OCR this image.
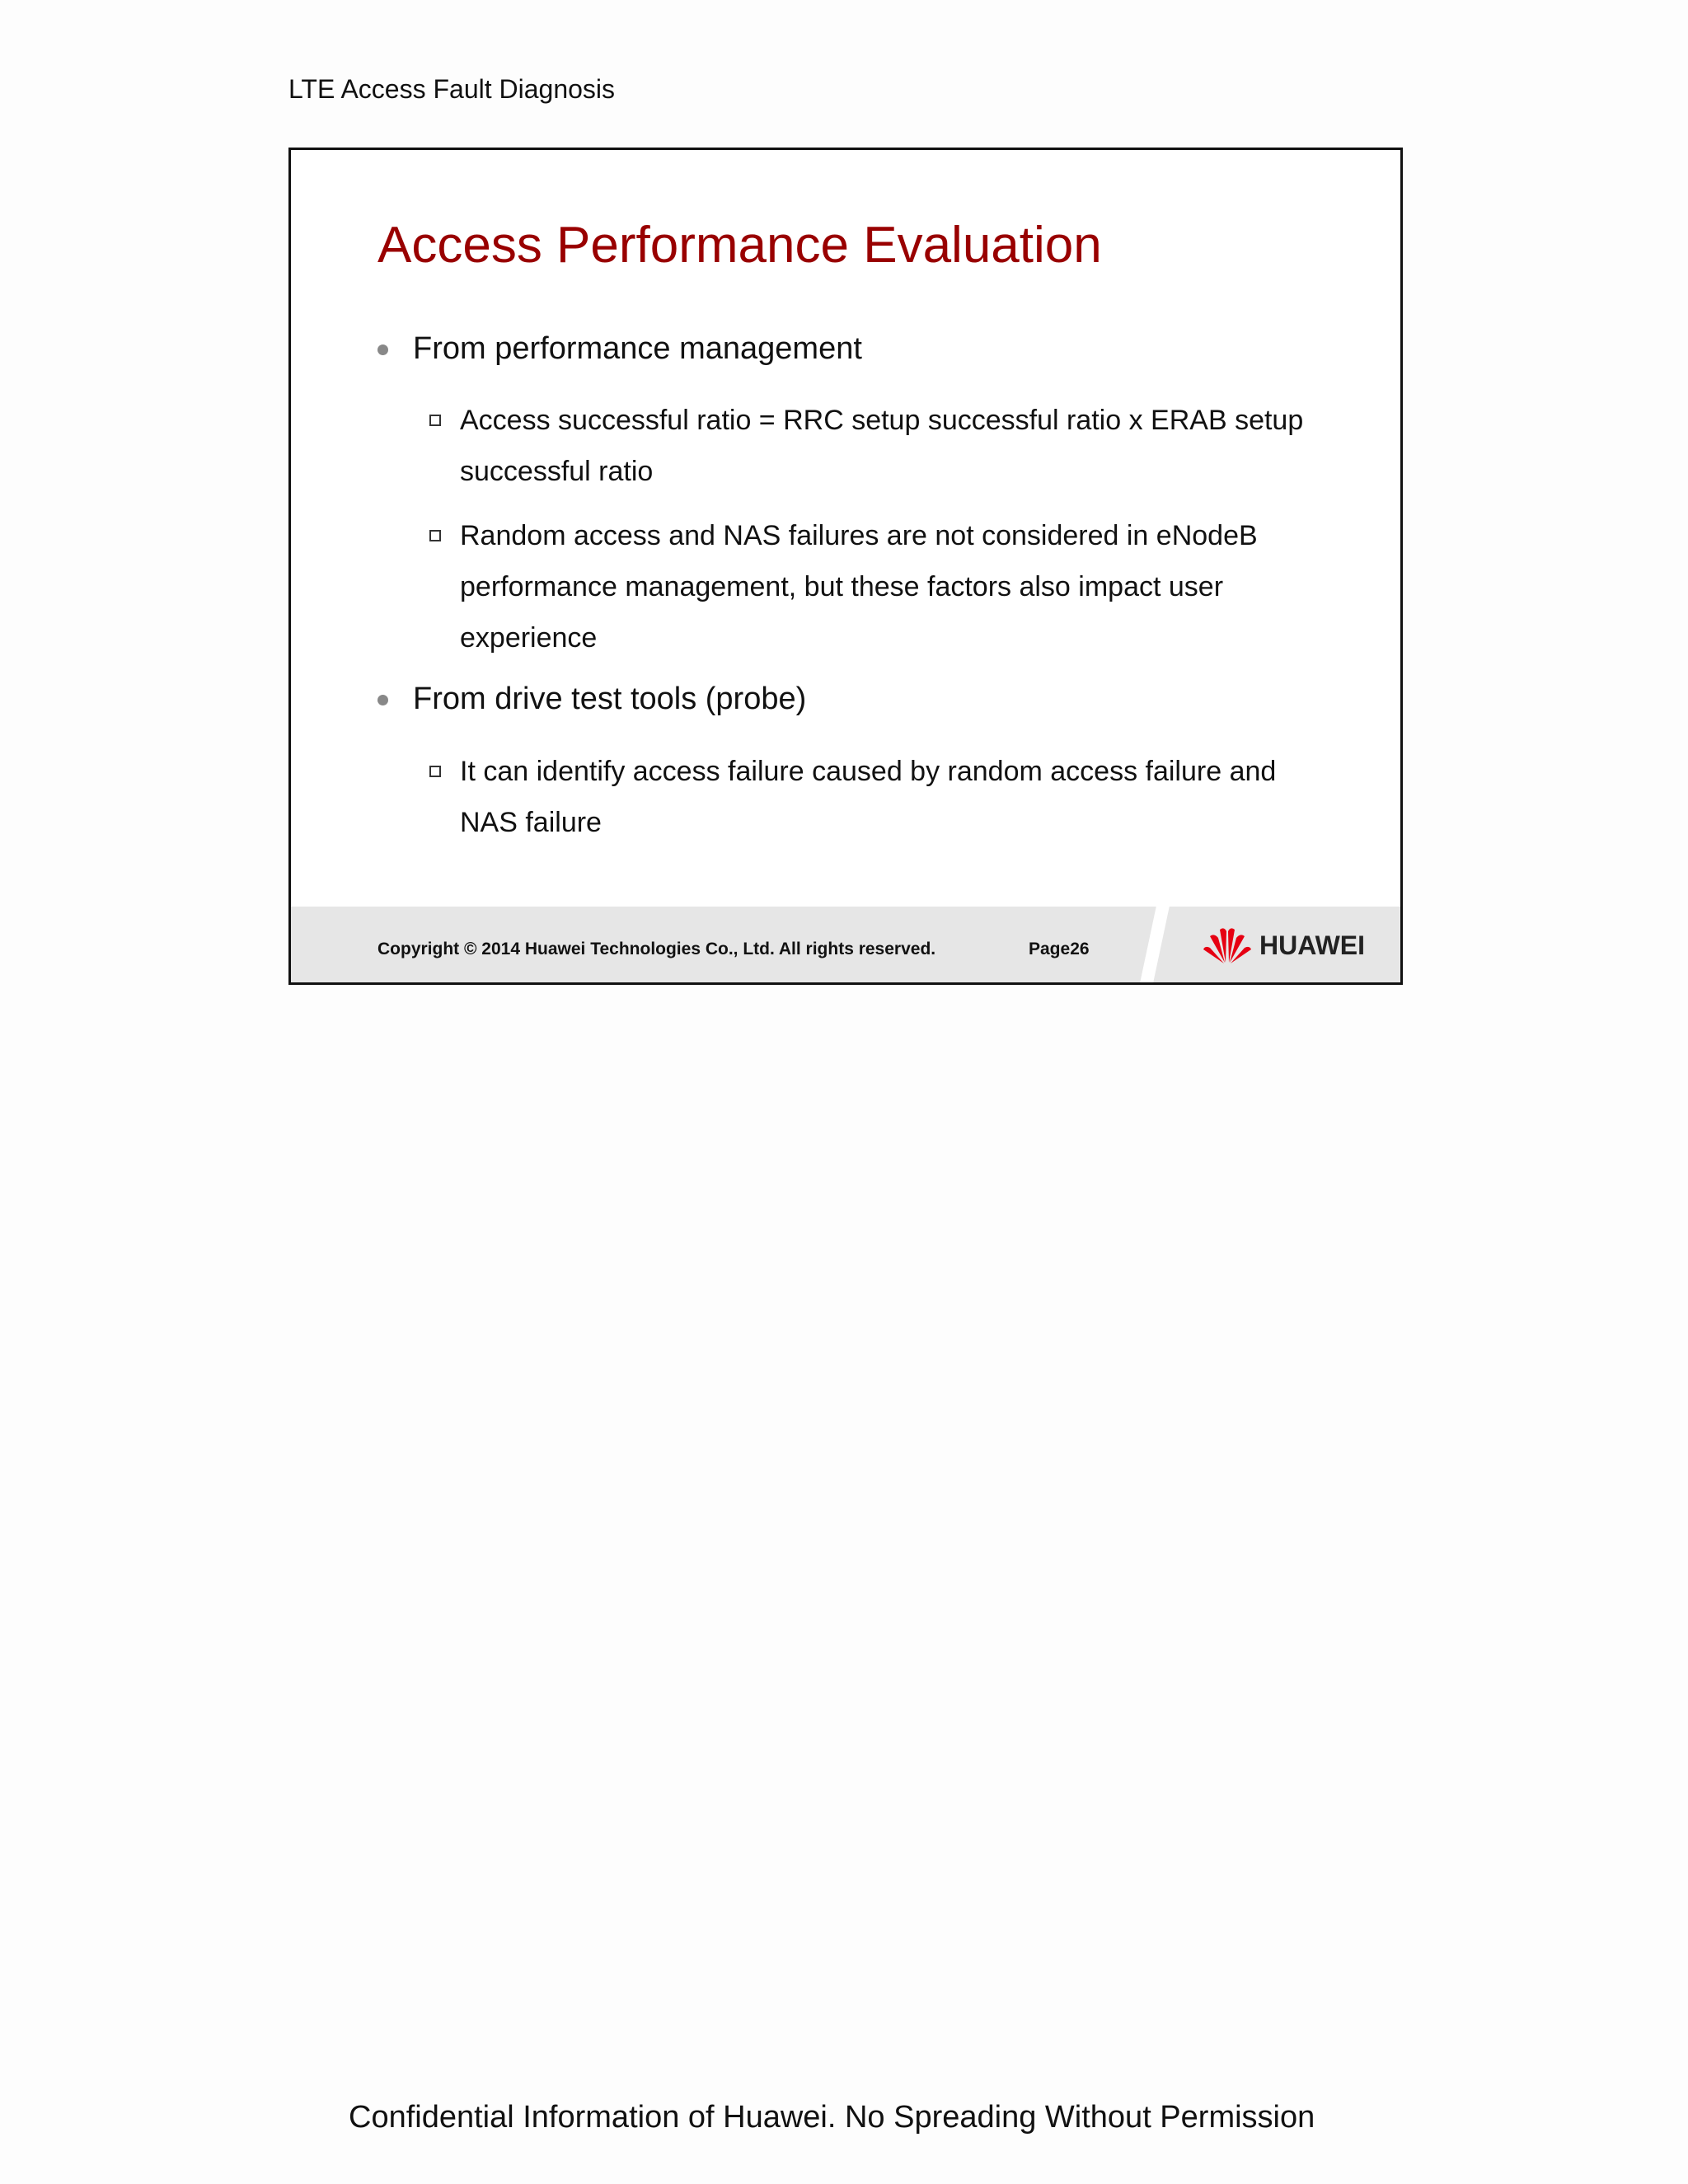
LTE Access Fault Diagnosis
Access Performance Evaluation
From performance management
Access successful ratio = RRC setup successful ratio x ERAB setup successful ratio
Random access and NAS failures are not considered in eNodeB performance management, but these factors also impact user experience
From drive test tools (probe)
It can identify access failure caused by random access failure and NAS failure
Copyright © 2014 Huawei Technologies Co., Ltd. All rights reserved.	Page26	HUAWEI
Confidential Information of Huawei. No Spreading Without Permission
